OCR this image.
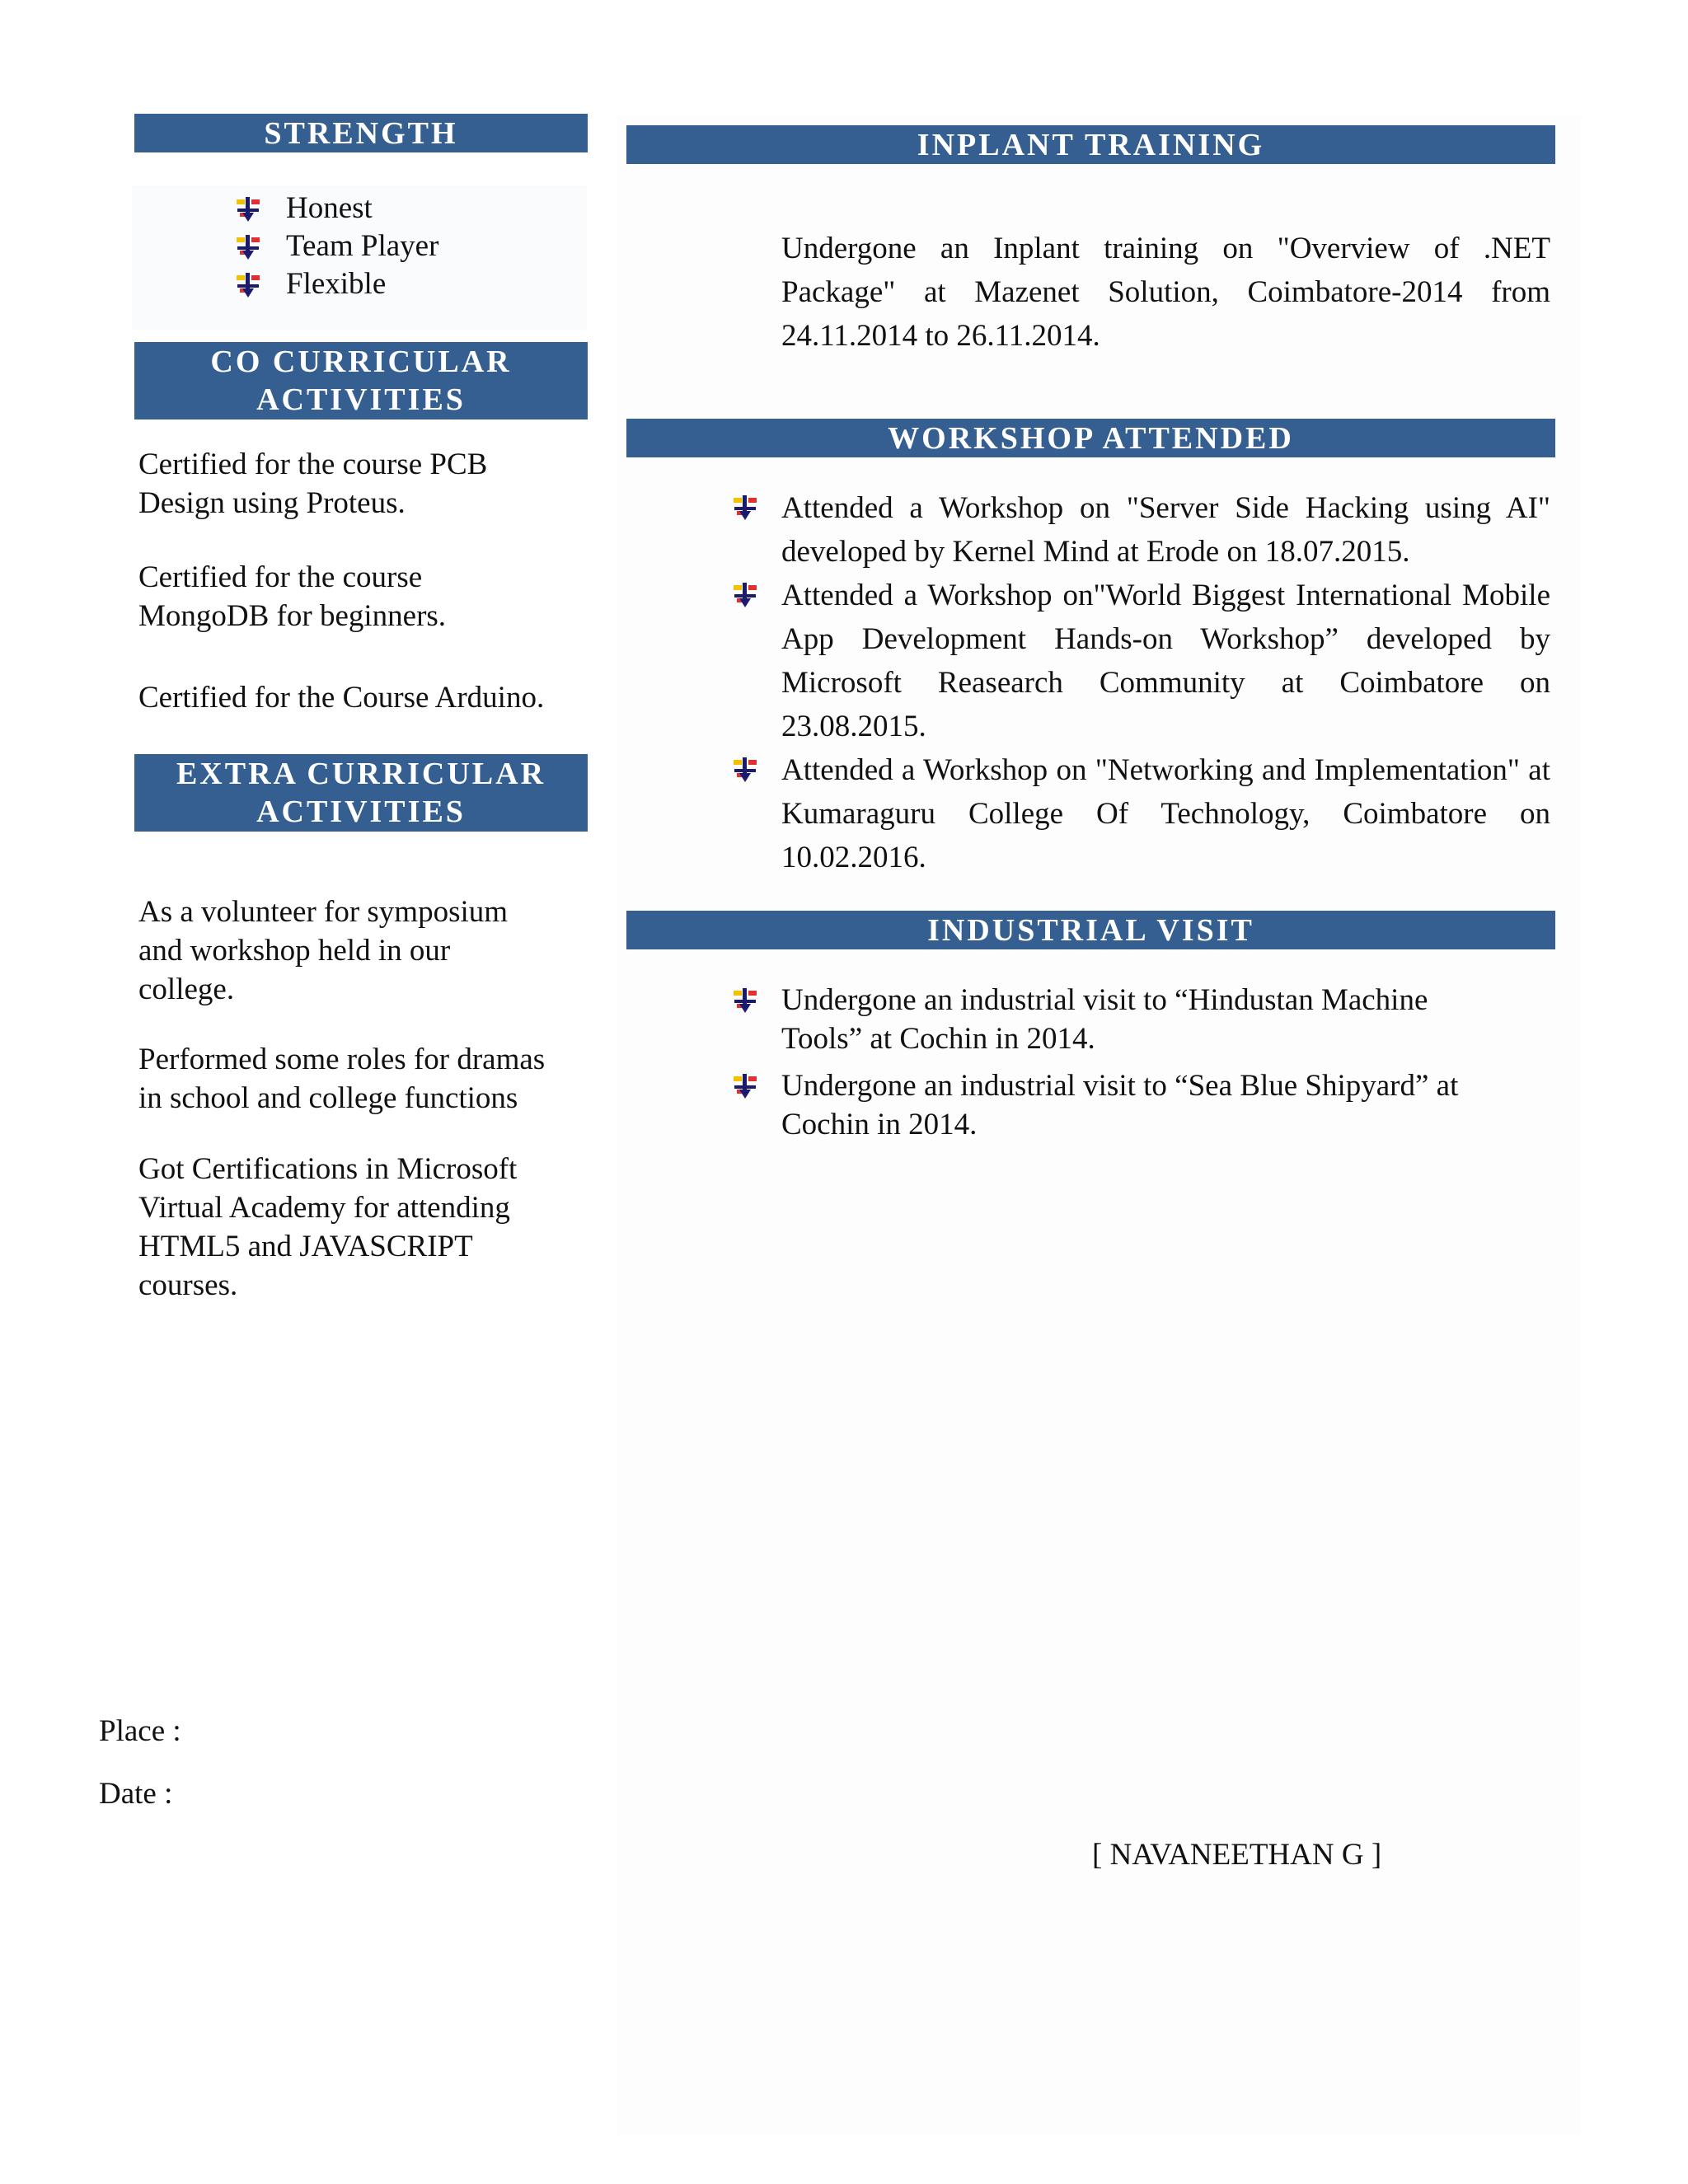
STRENGTH
Honest
Team Player
Flexible
CO CURRICULAR
ACTIVITIES

Certified for the course PCB

Design using Proteus.

Certified for the course

MongoDB for beginners.

Certified for the Course Arduino.

EXTRA CURRICULAR
ACTIVITIES

As a volunteer for symposium

and workshop held in our

college.

Performed some roles for dramas

in school and college functions

Got Certifications in Microsoft

Virtual Academy for attending

HTML5 and JAVASCRIPT

courses.

INPLANT TRAINING
Undergone an Inplant training on "Overview of .NET Package" at Mazenet Solution, Coimbatore-2014 from 24.11.2014 to 26.11.2014.
WORKSHOP ATTENDED
Attended a Workshop on "Server Side Hacking using AI" developed by Kernel Mind at Erode on 18.07.2015.
Attended a Workshop on"World Biggest International Mobile App Development Hands-on Workshop” developed by Microsoft Reasearch Community at Coimbatore on 23.08.2015.
Attended a Workshop on "Networking and Implementation" at Kumaraguru College Of Technology, Coimbatore on 10.02.2016.
INDUSTRIAL VISIT
Undergone an industrial visit to “Hindustan Machine
Tools” at Cochin in 2014.
Undergone an industrial visit to “Sea Blue Shipyard” at
Cochin in 2014.
Place :
Date :
[ NAVANEETHAN G ]
